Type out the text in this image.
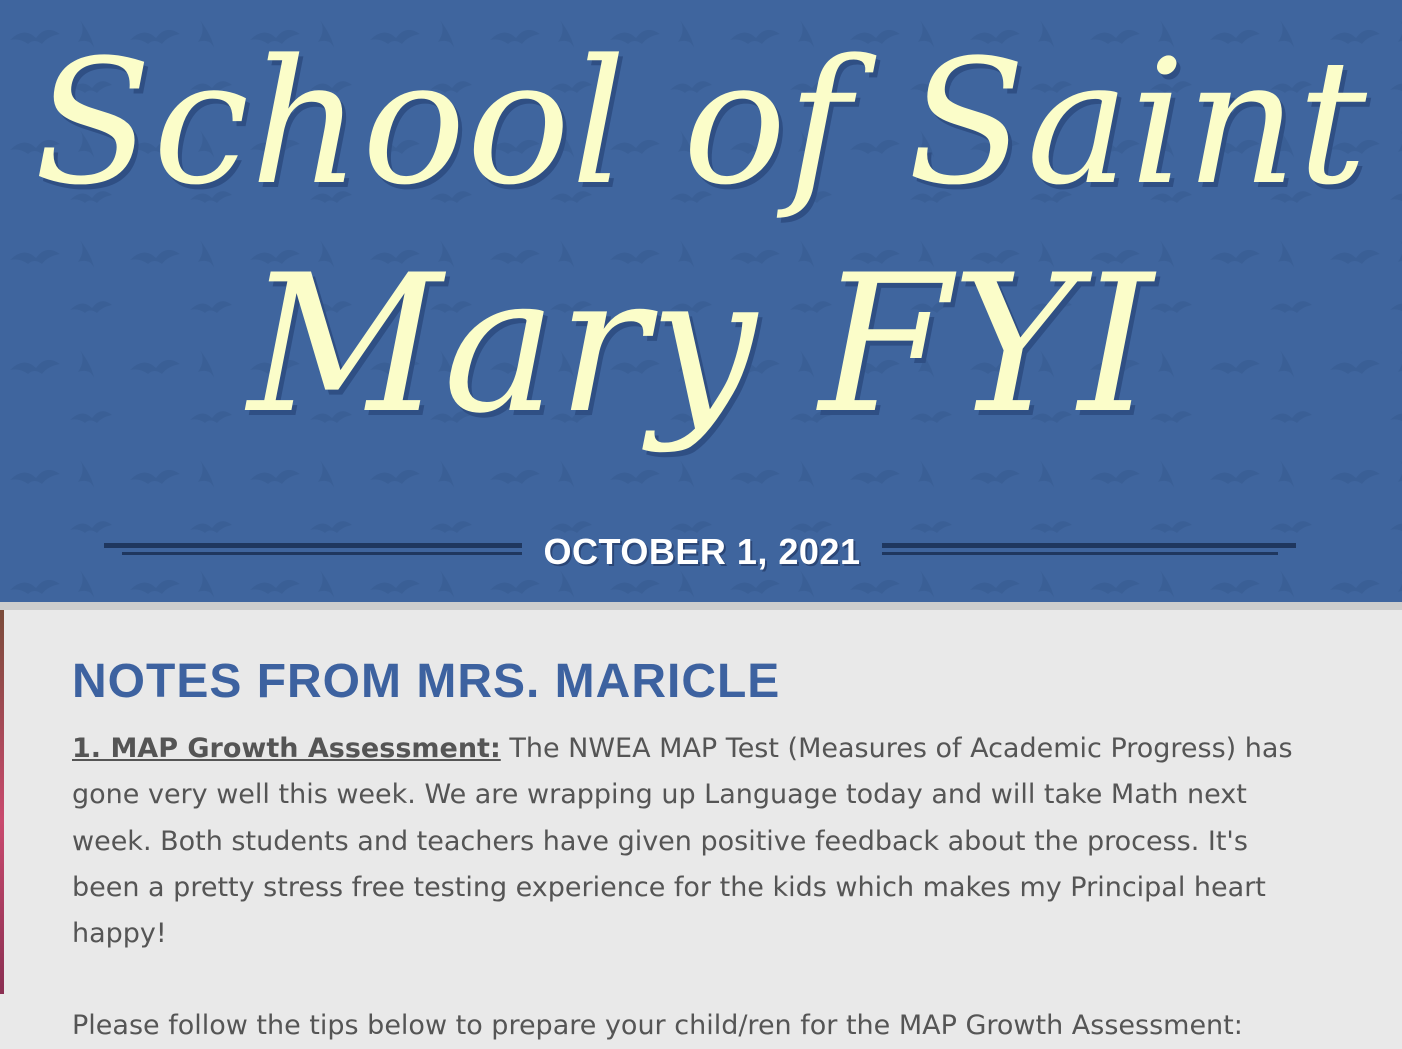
School of Saint
Mary FYI
OCTOBER 1, 2021
NOTES FROM MRS. MARICLE

1. MAP Growth Assessment: The NWEA MAP Test (Measures of Academic Progress) has gone very well this week. We are wrapping up Language today and will take Math next week. Both students and teachers have given positive feedback about the process. It's been a pretty stress free testing experience for the kids which makes my Principal heart happy!

Please follow the tips below to prepare your child/ren for the MAP Growth Assessment:
